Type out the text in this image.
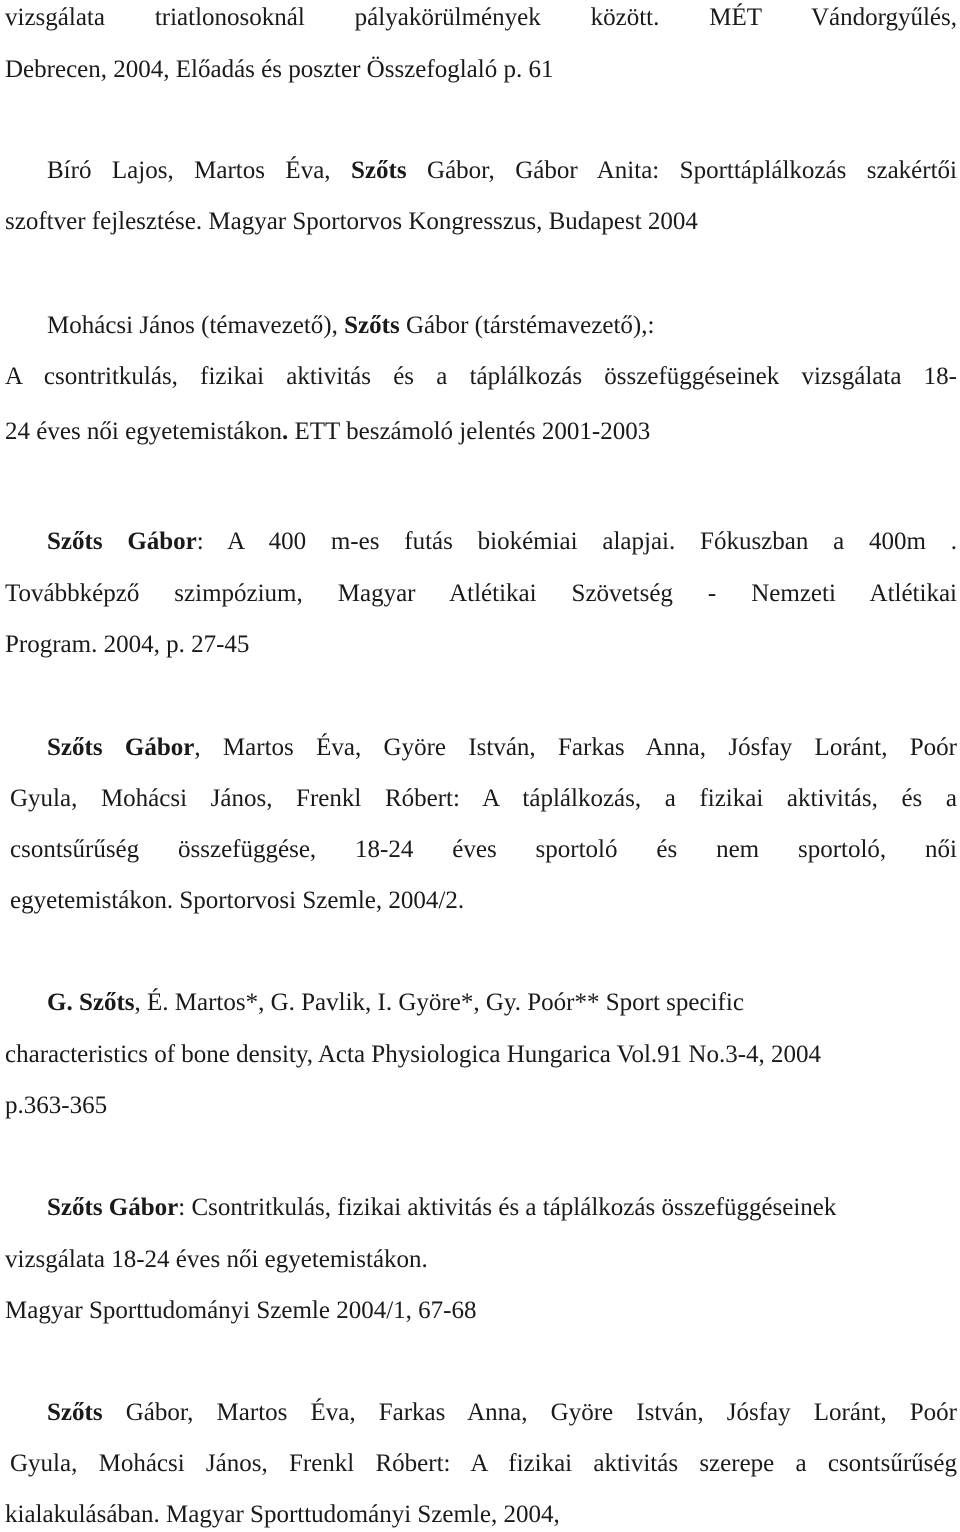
vizsgálata triatlonosoknál pályakörülmények között. MÉT Vándorgyűlés,
Debrecen, 2004, Előadás és poszter Összefoglaló p. 61
Bíró Lajos, Martos Éva, Szőts Gábor, Gábor Anita: Sporttáplálkozás szakértői
szoftver fejlesztése. Magyar Sportorvos Kongresszus, Budapest 2004
Mohácsi János (témavezető), Szőts Gábor (társtémavezető),:
A csontritkulás, fizikai aktivitás és a táplálkozás összefüggéseinek vizsgálata 18-
24 éves női egyetemistákon. ETT beszámoló jelentés 2001-2003
Szőts Gábor: A 400 m-es futás biokémiai alapjai. Fókuszban a 400m .
Továbbképző szimpózium, Magyar Atlétikai Szövetség - Nemzeti Atlétikai
Program. 2004, p. 27-45
Szőts Gábor, Martos Éva, Györe István, Farkas Anna, Jósfay Loránt, Poór
Gyula, Mohácsi János, Frenkl Róbert: A táplálkozás, a fizikai aktivitás, és a
csontsűrűség összefüggése, 18-24 éves sportoló és nem sportoló, női
egyetemistákon. Sportorvosi Szemle, 2004/2.
G. Szőts, É. Martos*, G. Pavlik, I. Györe*, Gy. Poór** Sport specific
characteristics of bone density, Acta Physiologica Hungarica Vol.91 No.3-4, 2004
p.363-365
Szőts Gábor: Csontritkulás, fizikai aktivitás és a táplálkozás összefüggéseinek
vizsgálata 18-24 éves női egyetemistákon.
Magyar Sporttudományi Szemle 2004/1, 67-68
Szőts Gábor, Martos Éva, Farkas Anna, Györe István, Jósfay Loránt, Poór
Gyula, Mohácsi János, Frenkl Róbert: A fizikai aktivitás szerepe a csontsűrűség
kialakulásában. Magyar Sporttudományi Szemle, 2004,
